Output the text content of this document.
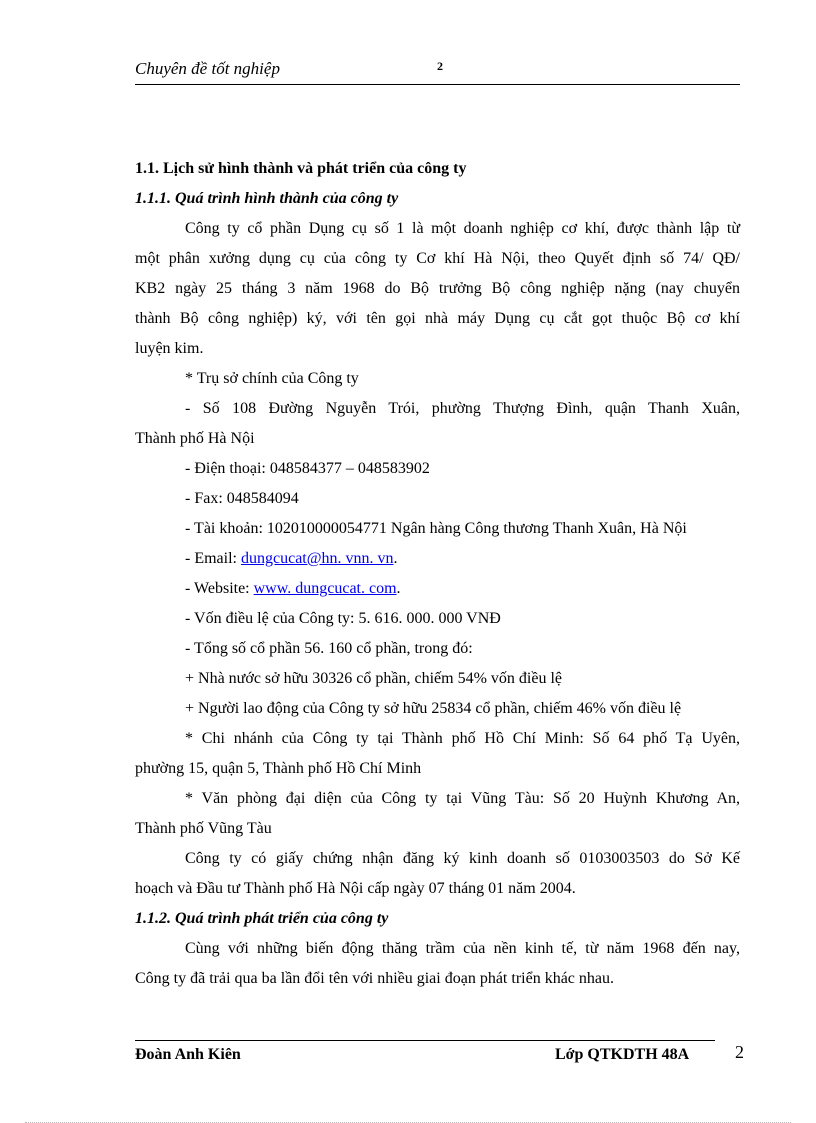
Chuyên đề tốt nghiệp	2
1.1. Lịch sử hình thành và phát triển của công ty
1.1.1. Quá trình hình thành của công ty
Công ty cổ phần Dụng cụ số 1 là một doanh nghiệp cơ khí, được thành lập từ
một phân xưởng dụng cụ của công ty Cơ khí Hà Nội, theo Quyết định số 74/ QĐ/
KB2 ngày 25 tháng 3 năm 1968 do Bộ trưởng Bộ công nghiệp nặng (nay chuyển
thành Bộ công nghiệp) ký, với tên gọi nhà máy Dụng cụ cắt gọt thuộc Bộ cơ khí
luyện kim.
* Trụ sở chính của Công ty
- Số 108 Đường Nguyễn Trói, phường Thượng Đình, quận Thanh Xuân,
Thành phố Hà Nội
- Điện thoại: 048584377 – 048583902
- Fax: 048584094
- Tài khoản: 102010000054771 Ngân hàng Công thương Thanh Xuân, Hà Nội
- Email: dungcucat@hn. vnn. vn.
- Website: www. dungcucat. com.
- Vốn điều lệ của Công ty: 5. 616. 000. 000 VNĐ
- Tổng số cổ phần 56. 160 cổ phần, trong đó:
+ Nhà nước sở hữu 30326 cổ phần, chiếm 54% vốn điều lệ
+ Người lao động của Công ty sở hữu 25834 cổ phần, chiếm 46% vốn điều lệ
* Chi nhánh của Công ty tại Thành phố Hồ Chí Minh: Số 64 phố Tạ Uyên,
phường 15, quận 5, Thành phố Hồ Chí Minh
* Văn phòng đại diện của Công ty tại Vũng Tàu: Số 20 Huỳnh Khương An,
Thành phố Vũng Tàu
Công ty có giấy chứng nhận đăng ký kinh doanh số 0103003503 do Sở Kế
hoạch và Đầu tư Thành phố Hà Nội cấp ngày 07 tháng 01 năm 2004.
1.1.2. Quá trình phát triển của công ty
Cùng với những biến động thăng trầm của nền kinh tế, từ năm 1968 đến nay,
Công ty đã trải qua ba lần đổi tên với nhiều giai đoạn phát triển khác nhau.
Đoàn Anh Kiên	Lớp QTKDTH 48A	2
